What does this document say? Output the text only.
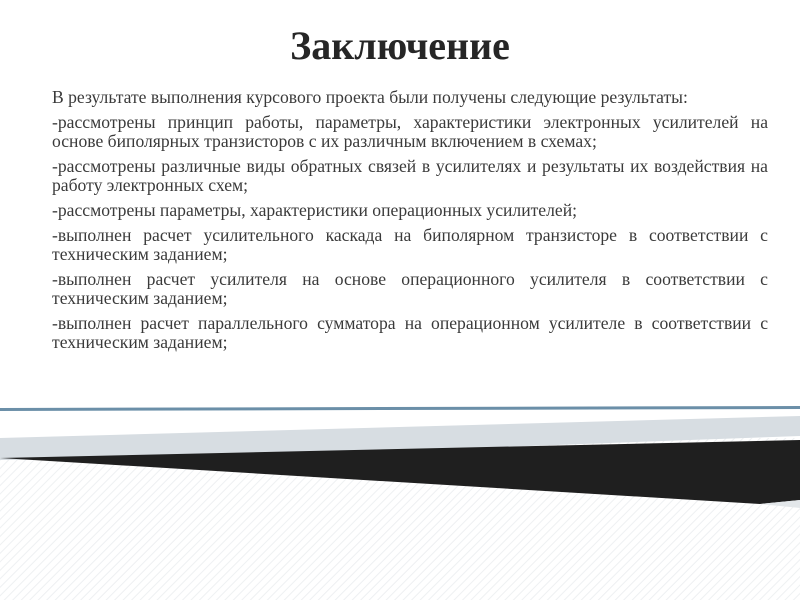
Заключение

В результате выполнения курсового проекта были получены следующие результаты:

-рассмотрены принцип работы, параметры, характеристики электронных усилителей на основе биполярных транзисторов с их различным включением в схемах;

-рассмотрены различные виды обратных связей в усилителях и результаты их воздействия на работу электронных схем;

-рассмотрены параметры, характеристики операционных усилителей;

-выполнен расчет усилительного каскада на биполярном транзисторе в соответствии с техническим заданием;

-выполнен расчет усилителя на основе операционного усилителя в соответствии с техническим заданием;

-выполнен расчет параллельного сумматора на операционном усилителе в соответствии с техническим заданием;
